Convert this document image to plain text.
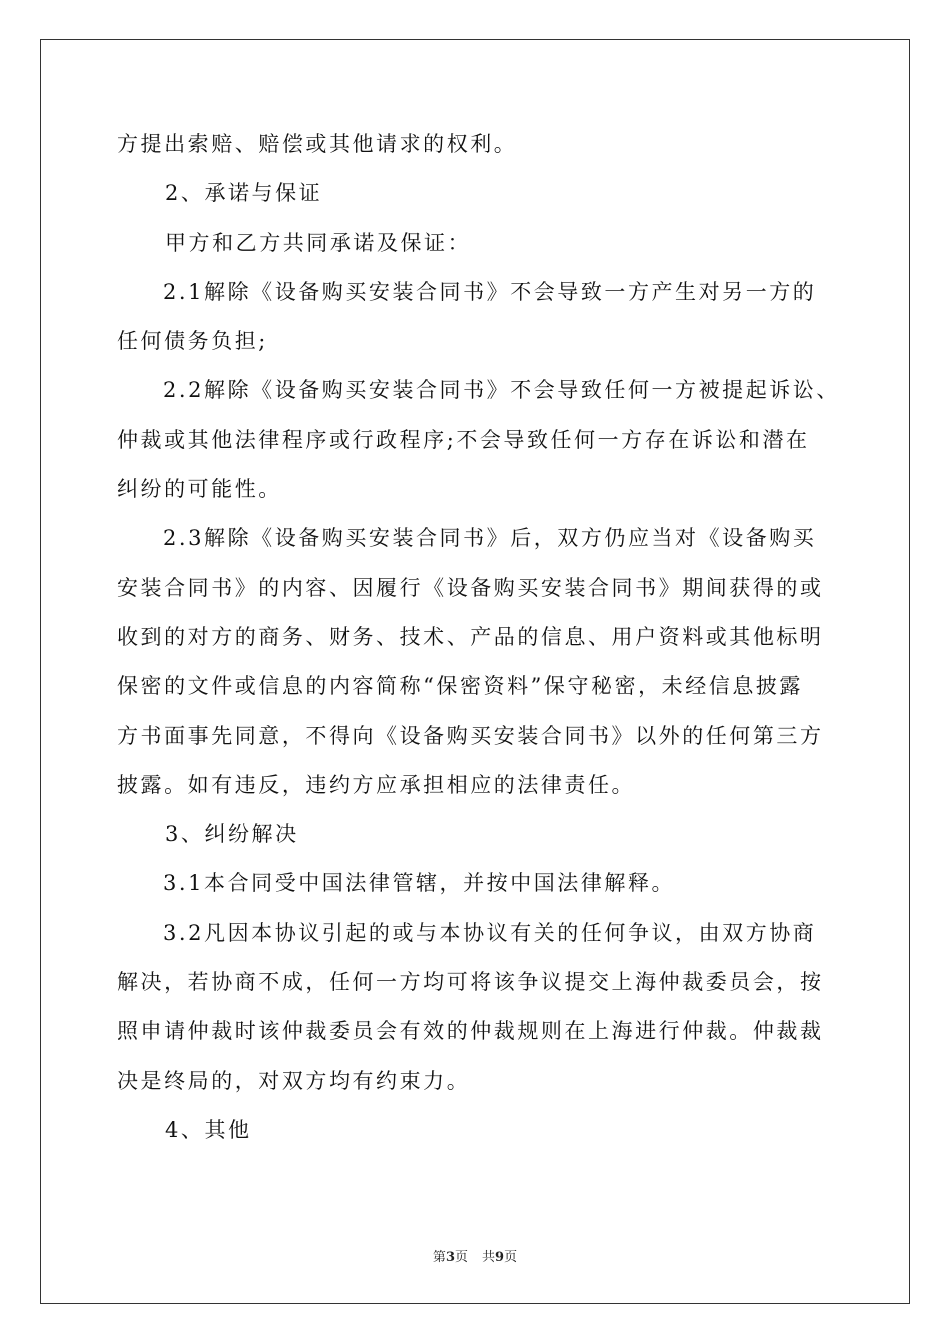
方提出索赔、赔偿或其他请求的权利。
2、承诺与保证
甲方和乙方共同承诺及保证：
2.1解除《设备购买安装合同书》不会导致一方产生对另一方的
任何债务负担;
2.2解除《设备购买安装合同书》不会导致任何一方被提起诉讼、
仲裁或其他法律程序或行政程序;不会导致任何一方存在诉讼和潜在
纠纷的可能性。
2.3解除《设备购买安装合同书》后，双方仍应当对《设备购买
安装合同书》的内容、因履行《设备购买安装合同书》期间获得的或
收到的对方的商务、财务、技术、产品的信息、用户资料或其他标明
保密的文件或信息的内容简称“保密资料”保守秘密，未经信息披露
方书面事先同意，不得向《设备购买安装合同书》以外的任何第三方
披露。如有违反，违约方应承担相应的法律责任。
3、纠纷解决
3.1本合同受中国法律管辖，并按中国法律解释。
3.2凡因本协议引起的或与本协议有关的任何争议，由双方协商
解决，若协商不成，任何一方均可将该争议提交上海仲裁委员会，按
照申请仲裁时该仲裁委员会有效的仲裁规则在上海进行仲裁。仲裁裁
决是终局的，对双方均有约束力。
4、其他
第3页 共9页
